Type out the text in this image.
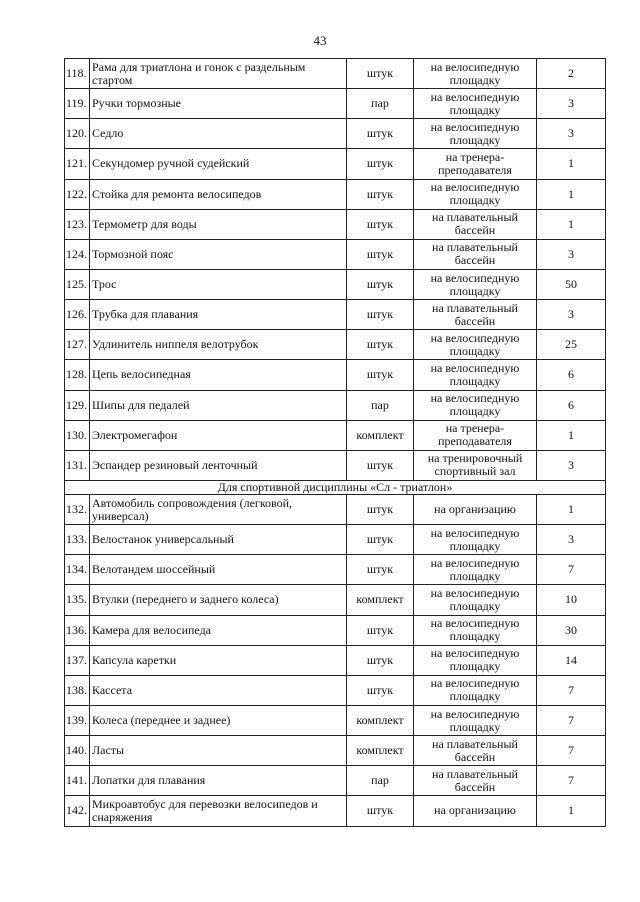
43
118.	Рама для триатлона и гонок с раздельным стартом	штук	на велосипедную площадку	2
119.	Ручки тормозные	пар	на велосипедную площадку	3
120.	Седло	штук	на велосипедную площадку	3
121.	Секундомер ручной судейский	штук	на тренера-преподавателя	1
122.	Стойка для ремонта велосипедов	штук	на велосипедную площадку	1
123.	Термометр для воды	штук	на плавательный бассейн	1
124.	Тормозной пояс	штук	на плавательный бассейн	3
125.	Трос	штук	на велосипедную площадку	50
126.	Трубка для плавания	штук	на плавательный бассейн	3
127.	Удлинитель ниппеля велотрубок	штук	на велосипедную площадку	25
128.	Цепь велосипедная	штук	на велосипедную площадку	6
129.	Шипы для педалей	пар	на велосипедную площадку	6
130.	Электромегафон	комплект	на тренера-преподавателя	1
131.	Эспандер резиновый ленточный	штук	на тренировочный спортивный зал	3
Для спортивной дисциплины «Сл - триатлон»				
132.	Автомобиль сопровождения (легковой, универсал)	штук	на организацию	1
133.	Велостанок универсальный	штук	на велосипедную площадку	3
134.	Велотандем шоссейный	штук	на велосипедную площадку	7
135.	Втулки (переднего и заднего колеса)	комплект	на велосипедную площадку	10
136.	Камера для велосипеда	штук	на велосипедную площадку	30
137.	Капсула каретки	штук	на велосипедную площадку	14
138.	Кассета	штук	на велосипедную площадку	7
139.	Колеса (переднее и заднее)	комплект	на велосипедную площадку	7
140.	Ласты	комплект	на плавательный бассейн	7
141.	Лопатки для плавания	пар	на плавательный бассейн	7
142.	Микроавтобус для перевозки велосипедов и снаряжения	штук	на организацию	1
